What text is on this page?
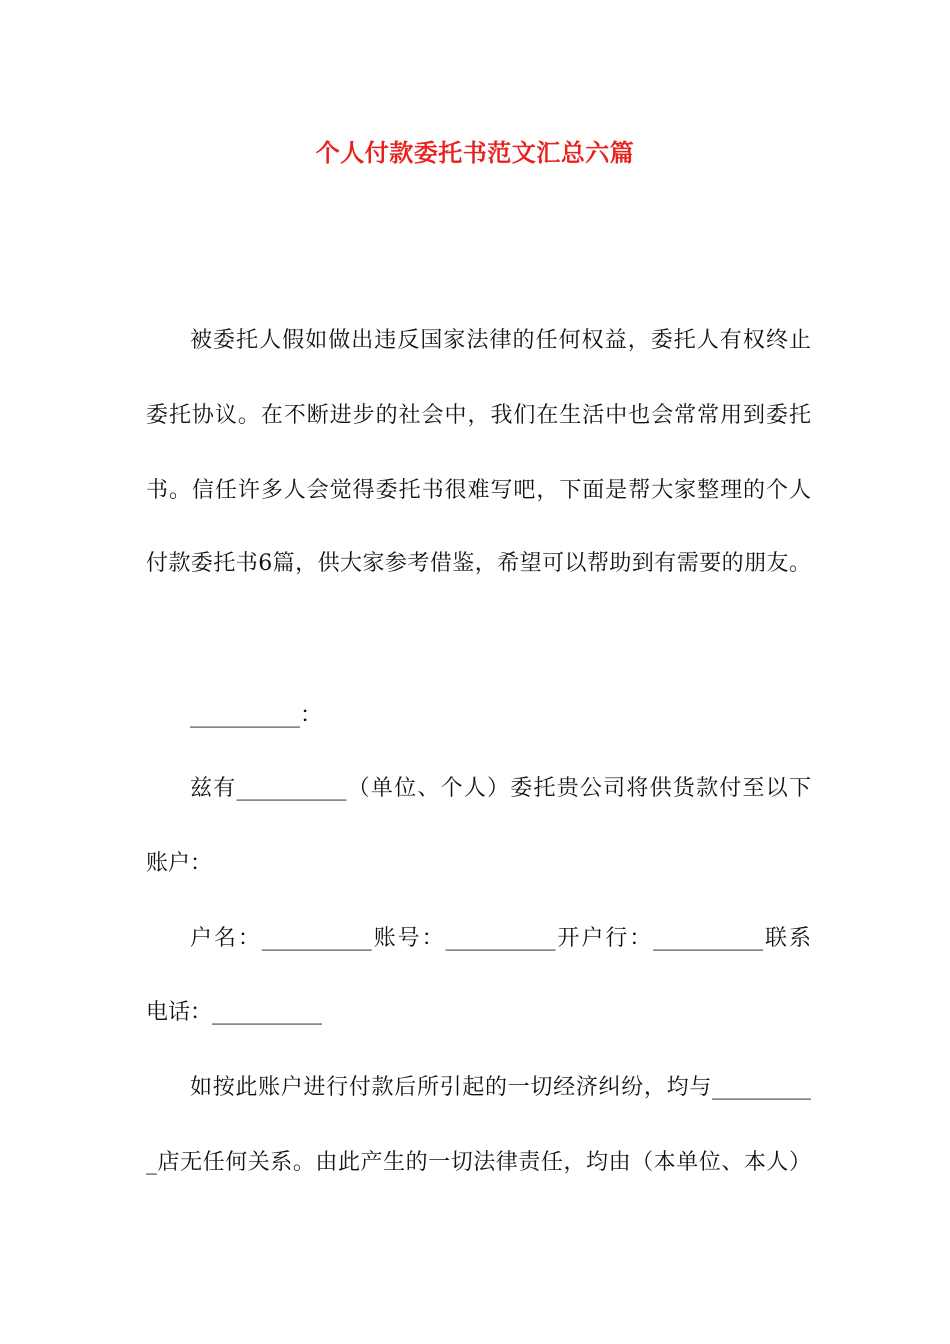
个人付款委托书范文汇总六篇
被委托人假如做出违反国家法律的任何权益，委托人有权终止
委托协议。在不断进步的社会中，我们在生活中也会常常用到委托
书。信任许多人会觉得委托书很难写吧，下面是帮大家整理的个人
付款委托书6篇，供大家参考借鉴，希望可以帮助到有需要的朋友。
__________：
兹有__________（单位、个人）委托贵公司将供货款付至以下
账户：
户名：__________账号：__________开户行：__________联系
电话：__________
如按此账户进行付款后所引起的一切经济纠纷，均与_________
_店无任何关系。由此产生的一切法律责任，均由（本单位、本人）
